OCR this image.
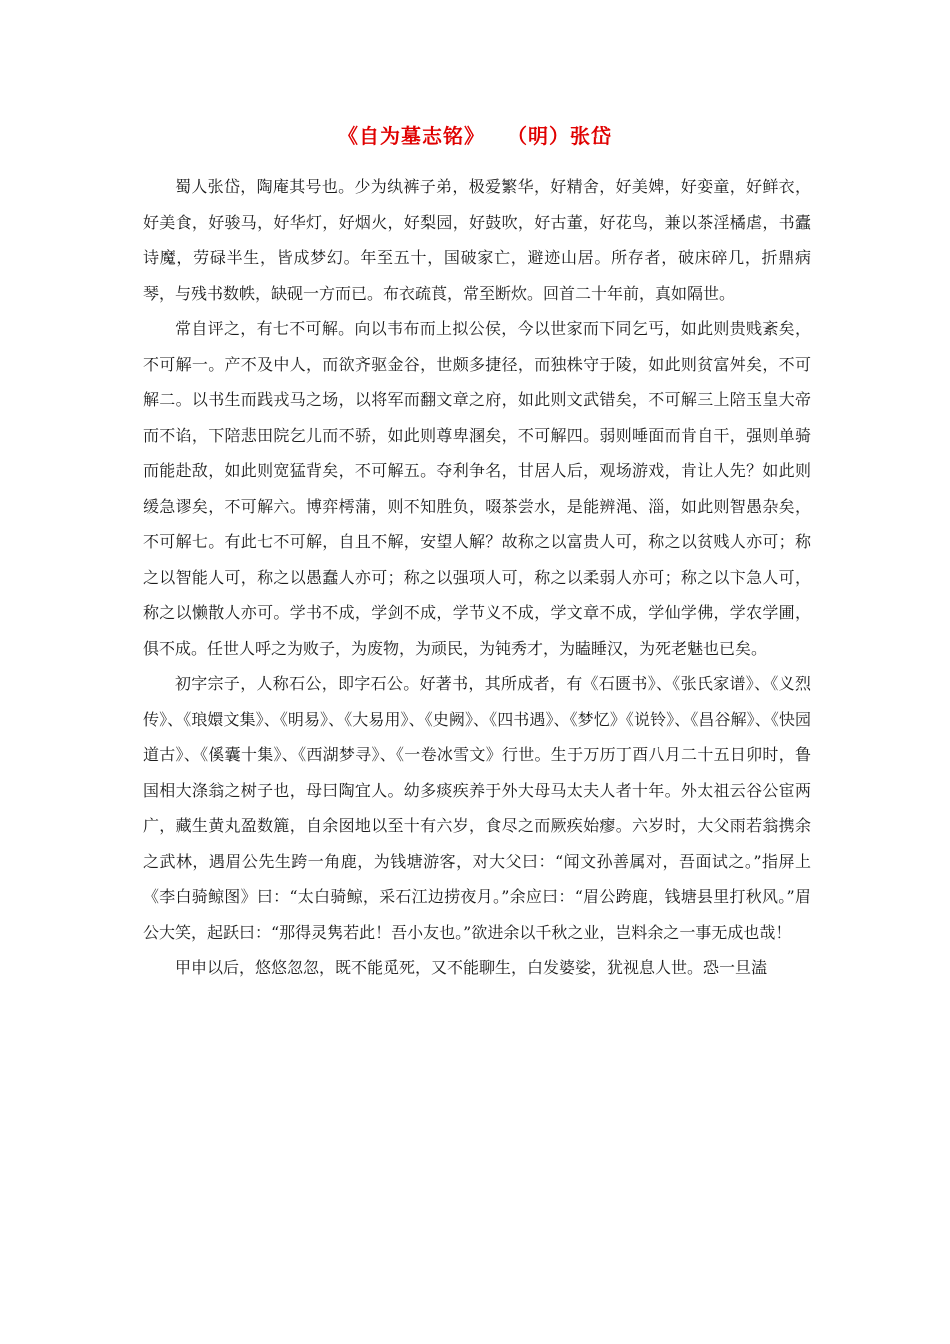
《自为墓志铭》　　（明）张岱

蜀人张岱，陶庵其号也。少为纨裤子弟，极爱繁华，好精舍，好美婢，好娈童，好鲜衣，好美食，好骏马，好华灯，好烟火，好梨园，好鼓吹，好古董，好花鸟，兼以茶淫橘虐，书蠹诗魔，劳碌半生，皆成梦幻。年至五十，国破家亡，避迹山居。所存者，破床碎几，折鼎病琴，与残书数帙，缺砚一方而已。布衣疏莨，常至断炊。回首二十年前，真如隔世。

常自评之，有七不可解。向以韦布而上拟公侯，今以世家而下同乞丐，如此则贵贱紊矣，不可解一。产不及中人，而欲齐驱金谷，世颇多捷径，而独株守于陵，如此则贫富舛矣，不可解二。以书生而践戎马之场，以将军而翻文章之府，如此则文武错矣，不可解三上陪玉皇大帝而不谄，下陪悲田院乞儿而不骄，如此则尊卑溷矣，不可解四。弱则唾面而肯自干，强则单骑而能赴敌，如此则宽猛背矣，不可解五。夺利争名，甘居人后，观场游戏，肯让人先？如此则缓急谬矣，不可解六。博弈樗蒲，则不知胜负，啜茶尝水，是能辨渑、淄，如此则智愚杂矣，不可解七。有此七不可解，自且不解，安望人解？故称之以富贵人可，称之以贫贱人亦可；称之以智能人可，称之以愚蠢人亦可；称之以强项人可，称之以柔弱人亦可；称之以卞急人可，称之以懒散人亦可。学书不成，学剑不成，学节义不成，学文章不成，学仙学佛，学农学圃，俱不成。任世人呼之为败子，为废物，为顽民，为钝秀才，为瞌睡汉，为死老魅也已矣。

初字宗子，人称石公，即字石公。好著书，其所成者，有《石匮书》、《张氏家谱》、《义烈传》、《琅嬛文集》、《明易》、《大易用》、《史阙》、《四书遇》、《梦忆》《说铃》、《昌谷解》、《快园道古》、《傒囊十集》、《西湖梦寻》、《一卷冰雪文》行世。生于万历丁酉八月二十五日卯时，鲁国相大涤翁之树子也，母曰陶宜人。幼多痰疾养于外大母马太夫人者十年。外太祖云谷公宦两广，藏生黄丸盈数簏，自余囡地以至十有六岁，食尽之而厥疾始瘳。六岁时，大父雨若翁携余之武林，遇眉公先生跨一角鹿，为钱塘游客，对大父曰：“闻文孙善属对，吾面试之。”指屏上《李白骑鲸图》曰：“太白骑鲸，采石江边捞夜月。”余应曰：“眉公跨鹿，钱塘县里打秋风。”眉公大笑，起跃曰：“那得灵隽若此！吾小友也。”欲进余以千秋之业，岂料余之一事无成也哉！

甲申以后，悠悠忽忽，既不能觅死，又不能聊生，白发婆娑，犹视息人世。恐一旦溘
